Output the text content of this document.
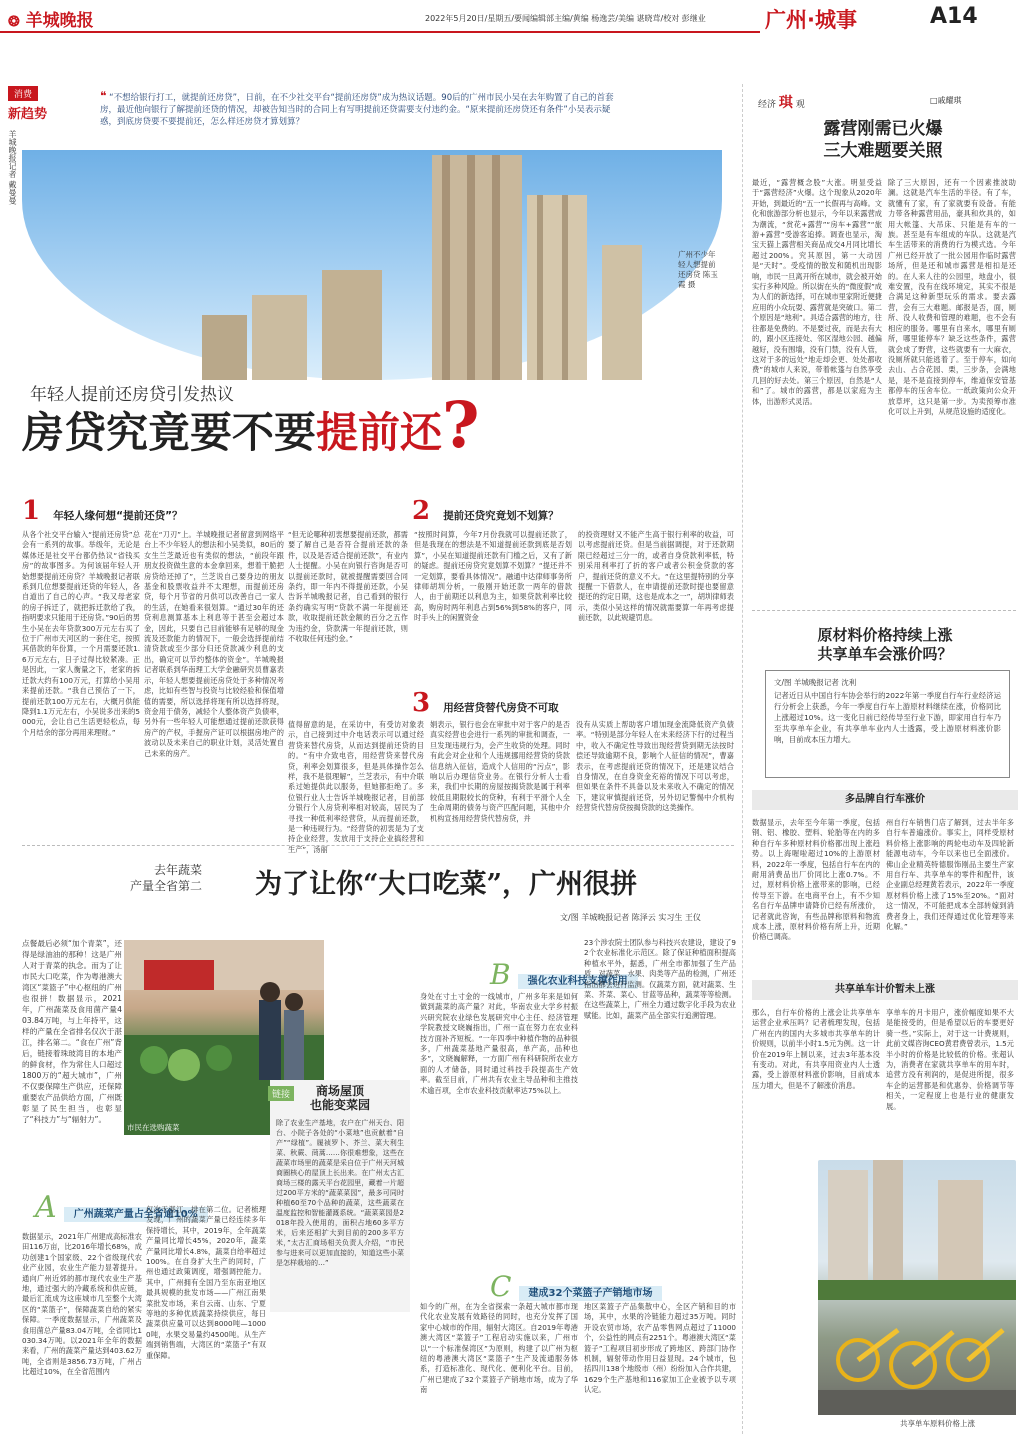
❂ 羊城晚报	2022年5月20日/星期五/要闻编辑部主编/黄编 杨逸芸/美编 谌晓茸/校对 彭继业	广州·城事	A14
消费
新趋势
羊城晚报记者 戴曼曼
❝ “不想给银行打工，就提前还房贷”，日前，在不少社交平台“提前还房贷”成为热议话题。90后的广州市民小吴在去年购置了自己的首套房，最近他向银行了解提前还贷的情况，却被告知当时的合同上有写明提前还贷需要支付违约金。“原来提前还房贷还有条件”小吴表示疑惑，到底房贷要不要提前还，怎么样还房贷才算划算？
广州不少年轻人想提前还房贷 陈玉霞 摄
年轻人提前还房贷引发热议
房贷究竟要不要提前还?
1 年轻人缘何想“提前还贷”？
从各个社交平台输入“提前还房贷”总会有一系列的故事。举级年，无论是媒体还是社交平台都仍热议“省钱买房”的故事图多。为何该届年轻人开始想要提前还房贷？羊城晚报记者联系到几位想要提前还贷的年轻人，各自道出了自己的心声。“我又母老家的房子拆迁了，就把拆迁款给了我，指明要求只能用于还房贷。”90后的男生小吴在去年贷款300万元左右买了位于广州市天河区的一套住宅，按照其借款的年份算，一个月需要还款1.6万元左右，日子过得比较紧凑。正是因此，一家人衡量之下，老家的拆迁款大约有100万元，打算给小吴用来提前还款。“我自己预估了一下，提前还款100万元左右，大概月供能降到1.1万元左右，小吴说多出来的5000元，会让自己生活更轻松点，每个月结余的部分再用来理财。”
花在“刀刃”上。羊城晚报记者留意到网络平台上不少年轻人的想法和小吴类似，80后的女生兰芝最近也有类似的想法，“前段年跟朋友投资做生意的本金拿回来，想着干脆把房贷给还掉了”，兰芝说自己要身边的朋友基金和股票收益并不太理想，而提前还房贷，每个月节省的月供可以改善自己一家人的生活，在她看来很划算。“通过30年的还贷利息测算基本上利息等于甚至会超过本金，因此，只要自己目前能够有足够的现金流及还款能力的情况下，一般会选择提前结清贷款或至少部分归还贷款减少利息的支出，确定可以节约整体的资金”。羊城晚报记者联系到华南理工大学金融研究员曹嘉表示，年轻人想要提前还房贷处于多种情况考虑，比如有些智与投资与比较经验和保值增值的需要，所以选择将现有所以选择将现，资金用于债务，减轻个人整体资产负债率，另外有一些年轻人可能想通过提前还款获得房产的产权，手握房产证可以根据房地产的波动以及未来自己的职业计划，灵活处置自己未来的房产。
“但无论哪种初衷想要提前还款，都需要了解自己是否符合提前还款的条件，以及是否适合提前还款”，有业内人士提醒。小吴在向银行咨询是否可以提前还款时，就被提醒需要回合同条约，即一年内不得提前还款，小吴告诉羊城晚报记者，自己看到的银行条约确实写明“贷款不满一年提前还款，收取提前还款金额的百分之五作为违约金，贷款满一年提前还款，则不收取任何违约金。”
2 提前还贷究竟划不划算？
“按照时间算，今年7月份我就可以提前还款了，但是我现在的想法是不知道提前还款到底是否划算”，小吴在知道提前还款有门槛之后，又有了新的疑虑。提前还房贷究竟划算不划算？“提还并不一定划算，要看具体情况”。融通中达律师事务所律师胡圳分析，一般刚开始还款一两年的借款人，由于前期还以利息为主，如果贷款利率比较高，购房时两年利息占到56%到58%的客户，同时手头上的闲置资金
的投资理财又不能产生高于银行利率的收益，可以考虑提前还贷。但是当前据调提，对于还款期限已经超过三分一的，或者自身贷款利率低，特别采用利率打了折的客户或者公积金贷款的客户，提前还贷的意义不大。“在这里提特别的分享提醒一下借款人，在申请提前还款时提也要留意提还的约定日期，这也是成本之一”，胡圳律师表示，类似小吴这样的情况就需要算一年再考虑提前还款，以此规避罚息。
3 用经营贷替代房贷不可取
值得留意的是，在采访中，有受访对象表示，自己接到过中介电话表示可以通过经营贷来替代房贷，从而达到提前还贷的目的。“有中介致电咨，用经营贷来替代房贷，利率会划算很多，但是具体操作怎么样，我不是很理解”，兰芝表示，有中介联系过她提供此以服务，但她都拒绝了。多位银行业人士告诉羊城晚报记者，目前部分银行个人房贷利率相对较高，居民为了寻找一种低利率经营贷，从而提前还款，是一种违规行为。“经营贷的初衷是为了支持企业经营，发放用于支持企业搞经营和生产”，汤丽
娟表示，银行也会在审批中对于客户的是否真实经营也会进行一系列的审批和调查，一旦发现违规行为，会产生收贷的处理。同时有此会对企业和个人违规挪用经营贷的贷款信息纳入征信，造成个人信用的“污点”，影响以后办理信贷业务。在银行分析人士看来，我们中长期的房屋按揭贷款是属于利率较低且期限较长的贷种，有利于平滑个人全生命周期的债务与资产匹配问题，其他中介机构宣扬用经营贷代替房贷，并
没有从实质上帮助客户增加现金流降低资产负债率。“特别是部分年轻人在未来经济下行的过程当中，收入不确定性导致出现经营贷到期无法按时偿还导致逾期不良，影响个人征信的情况”，曹嘉表示，在考虑提前还贷的情况下，还是建议结合自身情况，在自身资金充裕的情况下可以考虑，但如果在条件不具备以及未来收入不确定的情况下，建议审慎提前还贷，另外切记警惕中介机构经营贷代替房贷按揭贷款的这类操作。
去年蔬菜
产量全省第二 为了让你“大口吃菜”，广州很拼
文/图 羊城晚报记者 陈泽云 实习生 王仪
点餐最后必须“加个青菜”，还得是绿油油的那种！这是广州人对于青菜的执念。而为了让市民大口吃菜，作为粤港澳大湾区“菜篮子”中心枢纽的广州也很拼！数据显示，2021年，广州蔬菜及食用菌产量403.84万吨，与上年持平，这样的产量在全省排名仅次于湛江，排名第二。“食在广州”背后，链接着珠玻湾目的本地产的鲜食材，作为常住人口超过1800万的“超大城市”，广州不仅要保障生产供应，还保障重要农产品供给方面，广州既彰显了民生担当，也彰显了“科技力”与“辐射力”。
市民在选购蔬菜
链接	商场屋顶
也能变菜园
除了农业生产基地，农户在广州天台、阳台、小院子各处的“小菜地”也贡献着“自产”“绿植”。履祯罗卜、芥兰、菜大利生菜、秋蕨、茼蒿……你很难想象，这些在蔬菜市场里的蔬菜是采自位于广州天河城商圈核心的屋顶上长出来。在广州太古汇商场三楼的露天平台花园里，藏着一片超过200平方米的“蔬菜菜园”，最多可同时种植60至70个品种的蔬菜，这些蔬菜在温度监控和智能灌溉系统。“蔬菜菜园是2018年投入使用的，面积占地60多平方米，后来还相扩大到目前的200多平方米，”太古汇商场相关负责人介绍，“市民参与进来可以更加直接的，知道这些小菜是怎样栽培的…”
B 强化农业科技支撑作用
身处在寸土寸金的一线城市，广州多年来是如何做到蔬菜的高产量？对此，华南农业大学乡村振兴研究院农业绿色发展研究中心主任、经济管理学院教授文晓巍指出，广州一直在努力在农业科技方面补齐短板。“一年四季中种植作物的品种很多，广州蔬菜基地产量很高，单产高，品种也多”，文晓巍解释，一方面广州有科研院所农业方面的人才储备，同时通过科技手段提高生产效率。截至目前，广州共有农业主导品种和主推技术逾百项，全市农业科技贡献率达75%以上。
23个涉农院士团队参与科技兴农建设，建设了92个农业标准化示范区。除了保证种植面积提高种植水平外，据悉，广州全市都加强了生产品质，对蔬菜、水果、肉类等产品的检测，广州还指出都会进行监测。仅蔬菜方面，就对蔬菜、生菜、芥菜、菜心、甘蓝等品种，蔬菜等等检测。在这些蔬菜上，广州全力通过数字化手段为农业赋能。比如，蔬菜产品全部实行追溯管理。
A 广州蔬菜产量占全省逾10%
数据显示，2021年广州建成高标准农田116万亩，比2016年增长68%，成功创建1个国家级、22个省级现代农业产业园，农业生产能力显著提升。通向广州近郊的都市现代农业生产基地，通过强大的冷藏系统和供应链，最后汇流成为这座城市几至整个大湾区的“菜篮子”，保障蔬菜自给的紧实保障。一季度数据显示，广州蔬菜及食用菌总产量83.04万吨，全省同比1030.34万吨。以2021年全年的数据来看，广州的蔬菜产量达到403.62万吨，全省则是3856.73万吨，广州占比超过10%，在全省范围内
仅次于湛江，排在第二位。记者梳理发现，广州的蔬菜产量已经连续多年保持增长，其中，2019年，全年蔬菜产量同比增长45%，2020年，蔬菜产量同比增长4.8%，蔬菜自给率超过100%。在自身扩大生产的同时，广州也通过政策调度，增强调控能力。其中，广州拥有全国乃至东南亚地区最具规模的批发市场——广州江南果菜批发市场，来自云南、山东、宁夏等地的多种优质蔬菜持续供应，每日蔬菜供应量可以达到8000吨—10000吨，水果交易量约4500吨。从生产端到销售端，大湾区的“菜篮子”有双重保障。
C 建成32个菜篮子产销地市场
如今的广州，在为全省探索一条超大城市都市现代化农业发展有效路径的同时，也充分发挥了国家中心城市的作用，辐射大湾区。自2019年粤港澳大湾区“菜篮子”工程启动实施以来，广州市以“一个标准保湾区”为原则，构建了以广州为枢纽的粤港澳大湾区“菜篮子”生产及流通服务体系，打造标准化、现代化、便利化平台。目前，广州已建成了32个菜篮子产销地市场，成为了华南
地区菜篮子产品集散中心，全区产销和目的市场，其中，水果的冷链能力超过35万吨。同时开设农贸市场，农产品零售网点超过了11000个，公益性的网点有2251个。粤港澳大湾区“菜篮子”工程项目初步形成了跨地区、跨部门协作机制，辐射带动作用日益显现。24个城市，包括四川138个地级市（州）纷纷加入合作共建，1629个生产基地和116家加工企业被予以专项认定。
经济 琪 观	□戚耀琪
露营刚需已火爆
三大难题要关照
最近，“露营概念股”大涨。明显受益于“露营经济”火爆。这个现象从2020年开始，到最近的“五一”长假再与高峰。文化和旅游部分析也显示，今年以来露营成为潮流，“赏花+露营”“房车+露营”“旅游+露营”受游客追捧。调查也显示，淘宝天猫上露营相关商品成交4月同比增长超过200%。究其原因，第一大动因是“天时”。受疫情的散发和随机出现影响，市民一旦离开所在城市，就会被开始实行多种风险。所以街在头的“微度假”成为人们的新选择，可在城市里家附近便捷应用的小众玩耍、露营就是突破口。第二个原因是“地利”。具适合露营的地方，往往都是免费的。不是要过夜，而是去有大的，跟小区连接处、邻区湿地公园、越偏越好，没有围墙，没有门禁，没有人管，这对于多的远处“地走却会更、处处都收费”的城市人来说，带着帐篷与自然享受几回的好去处。第三个原因，自然是“人和”了。城市的露营，都是以家庭为主体，出游形式灵活。
除了三大原因，还有一个因素推波助澜。这就是汽车生活的半径。有了车，就懂有了家，有了家就要有设备。有能力带各种露营用品，豪具和炊具的，如用大帐篷、大吊床、只能是有车的一族。甚至是有车组成的车队。这就是汽车生活带来的消费的行为模式选。今年广州已经开放了一批公园用作临时露营场所，但是还和城市露营是相扣是还的。在人来人往的公园里，地盘小，很难安置，没有在线环境定，其实不很是合满足这种新型玩乐的需求。要去露营，会有三大难题。邮报是否，面，厕所、没人收费和管理的难题，也不会有相应的服务。哪里有自来水，哪里有厕所，哪里能停车？缺乏这些条件，露营就会成了野营，这些就要有一大麻衣，没厕所就只能逃着了。至于停车，如向去山、占合花园、栗，三步条，会满地是，是不是直接到停车，维道保安管基都停车的压舍车位。一纸政策向公众开放草坪，这只是第一步。为卖预筹市准化可以上升到，从规范设施的适度化。
原材料价格持续上涨
共享单车会涨价吗？
文/图 羊城晚报记者 沈利
记者近日从中国自行车协会举行的2022年第一季度自行车行业经济运行分析会上获悉，今年一季度自行车上游原材料继续在涨，价格同比上涨超过10%。这一变化日前已经传导至行业下游，即家用自行车乃至共享单车企业，有共享单车业内人士透露，受上游原材料涨价影响，目前成本压力增大。
多品牌自行车涨价
数据显示，去年至今年第一季度，包括钢、铝、橡胶、塑料、轮胎等在内的多种自行车多种原材料价格都出现上涨趋势。以上海喔啦超过10%的上游原材料，2022年一季度，包括自行车在内的耐用消费品出厂价同比上涨0.7%。不过，原材料价格上涨带来的影响，已经传导至下游。在电商平台上，有不少知名自行车品牌申请降价已经有所涨价，记者就此咨询，有些品牌称原料和物流成本上涨，原材料价格有所上升，近期价格已调高。
州自行车销售门店了解到，过去半年多自行车普遍涨价。事实上，同样受原材料价格上涨影响的两轮电动车及四轮新能源电动车，今年以来也已全面涨价。佛山企业精英特德服饰刚品主要生产家用自行车、共享单车的零件和配件，该企业副总经理黄若表示，2022年一季度原材料价格上涨了15%至20%。“面对这一情况，不可能把成本全部转嫁到消费者身上，我们还得通过优化管理等来化解。”
共享单车计价暂未上涨
那么，自行车价格的上涨会让共享单车运营企业承压吗？记者梳理发现，包括广州在内的国内大多城市共享单车的计价规则，以前半小时1.5元为例。这一计价在2019年上制以来，过去3年基本没有变动。对此，有共享用资业内人士透露，受上游原材料涨价影响，目前成本压力增大，但是不了解涨价消息。
享单车的月卡用户，涨价幅度如果不大是能接受的，但是希望以后的车要更好骑一些。”实际上，对于这一计费规则，此前文媒咨询CEO黄君费曾表示，1.5元半小时的价格是比较低的价格。张超认为，消费者在家就共享单车的用车时，追营方没有利润的，是促进所提，很多车企的运营都是和优惠券、价格调节等相关，一定程度上也是行业的健康发展。
共享单车原料价格上涨
